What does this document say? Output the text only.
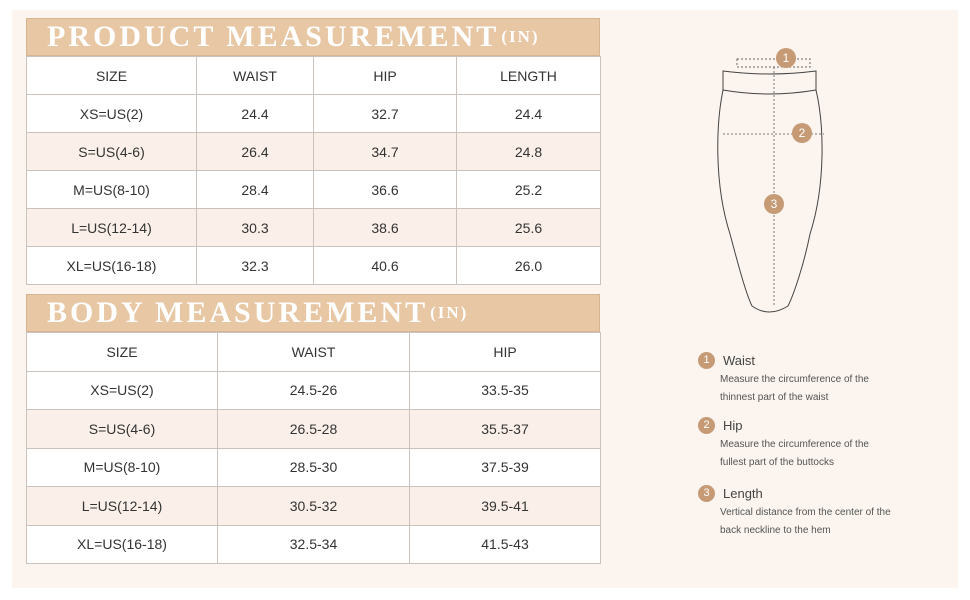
PRODUCT MEASUREMENT (IN)
SIZE	WAIST	HIP	LENGTH
XS=US(2)	24.4	32.7	24.4
S=US(4-6)	26.4	34.7	24.8
M=US(8-10)	28.4	36.6	25.2
L=US(12-14)	30.3	38.6	25.6
XL=US(16-18)	32.3	40.6	26.0
BODY MEASUREMENT (IN)
SIZE	WAIST	HIP
XS=US(2)	24.5-26	33.5-35
S=US(4-6)	26.5-28	35.5-37
M=US(8-10)	28.5-30	37.5-39
L=US(12-14)	30.5-32	39.5-41
XL=US(16-18)	32.5-34	41.5-43
1
2
3
1	Waist
Measure the circumference of the
thinnest part of the waist
2	Hip
Measure the circumference of the
fullest part of the buttocks
3	Length
Vertical distance from the center of the
back neckline to the hem
